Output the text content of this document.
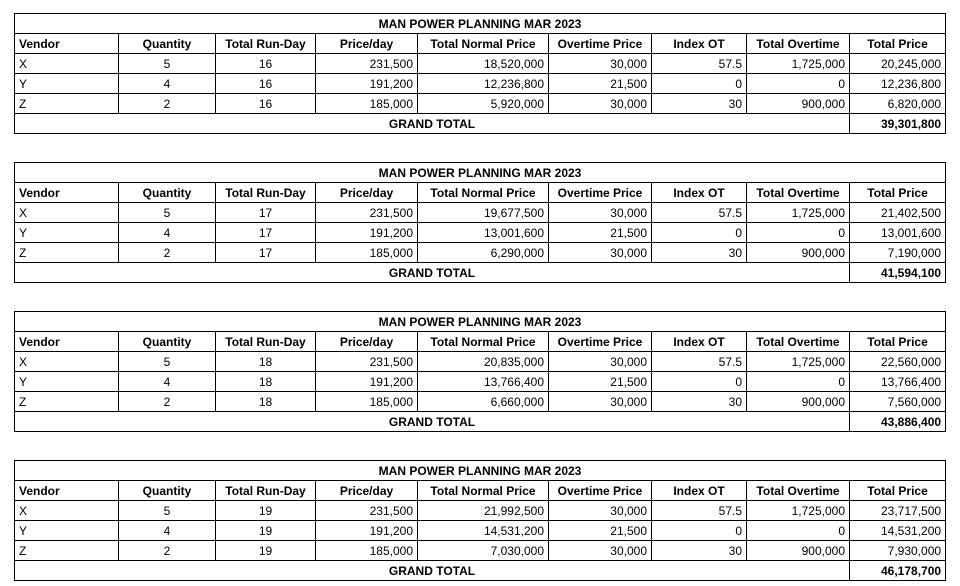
MAN POWER PLANNING MAR 2023								
Vendor	Quantity	Total Run-Day	Price/day	Total Normal Price	Overtime Price	Index OT	Total Overtime	Total Price
X	5	16	231,500	18,520,000	30,000	57.5	1,725,000	20,245,000
Y	4	16	191,200	12,236,800	21,500	0	0	12,236,800
Z	2	16	185,000	5,920,000	30,000	30	900,000	6,820,000
GRAND TOTAL								39,301,800
MAN POWER PLANNING MAR 2023								
Vendor	Quantity	Total Run-Day	Price/day	Total Normal Price	Overtime Price	Index OT	Total Overtime	Total Price
X	5	17	231,500	19,677,500	30,000	57.5	1,725,000	21,402,500
Y	4	17	191,200	13,001,600	21,500	0	0	13,001,600
Z	2	17	185,000	6,290,000	30,000	30	900,000	7,190,000
GRAND TOTAL								41,594,100
MAN POWER PLANNING MAR 2023								
Vendor	Quantity	Total Run-Day	Price/day	Total Normal Price	Overtime Price	Index OT	Total Overtime	Total Price
X	5	18	231,500	20,835,000	30,000	57.5	1,725,000	22,560,000
Y	4	18	191,200	13,766,400	21,500	0	0	13,766,400
Z	2	18	185,000	6,660,000	30,000	30	900,000	7,560,000
GRAND TOTAL								43,886,400
MAN POWER PLANNING MAR 2023								
Vendor	Quantity	Total Run-Day	Price/day	Total Normal Price	Overtime Price	Index OT	Total Overtime	Total Price
X	5	19	231,500	21,992,500	30,000	57.5	1,725,000	23,717,500
Y	4	19	191,200	14,531,200	21,500	0	0	14,531,200
Z	2	19	185,000	7,030,000	30,000	30	900,000	7,930,000
GRAND TOTAL								46,178,700
